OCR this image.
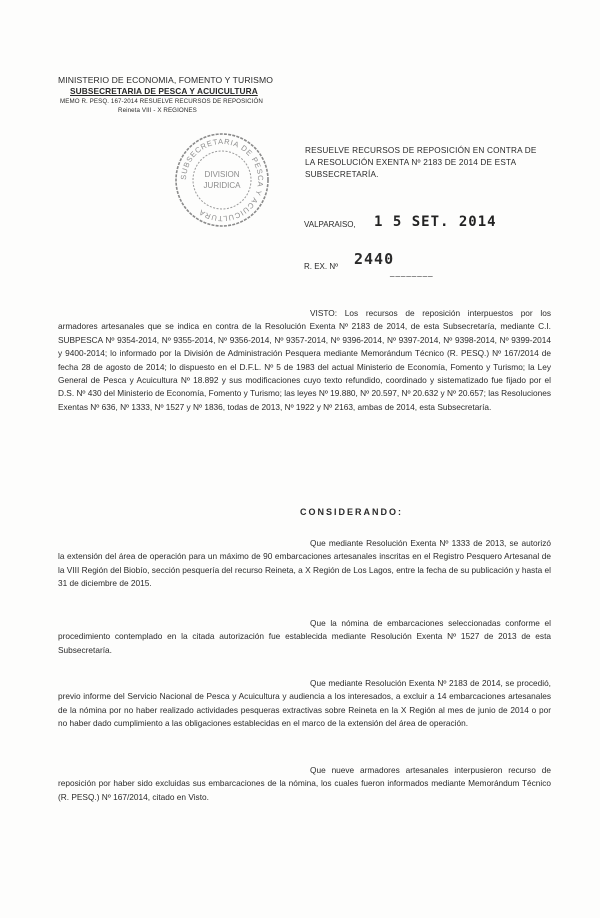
MINISTERIO DE ECONOMIA, FOMENTO Y TURISMO
SUBSECRETARIA DE PESCA Y ACUICULTURA
MEMO R. PESQ. 167-2014 RESUELVE RECURSOS DE REPOSICIÓN
Reineta VIII - X REGIONES
SUBSECRETARIA DE PESCA Y ACUICULTURA
DIVISION
JURIDICA
RESUELVE RECURSOS DE REPOSICIÓN EN CONTRA DE LA RESOLUCIÓN EXENTA Nº 2183 DE 2014 DE ESTA SUBSECRETARÍA.
VALPARAISO, 1 5 SET. 2014
R. EX. Nº 2440
________
VISTO: Los recursos de reposición interpuestos por los armadores artesanales que se indica en contra de la Resolución Exenta Nº 2183 de 2014, de esta Subsecretaría, mediante C.I. SUBPESCA Nº 9354-2014, Nº 9355-2014, Nº 9356-2014, Nº 9357-2014, Nº 9396-2014, Nº 9397-2014, Nº 9398-2014, Nº 9399-2014 y 9400-2014; lo informado por la División de Administración Pesquera mediante Memorándum Técnico (R. PESQ.) Nº 167/2014 de fecha 28 de agosto de 2014; lo dispuesto en el D.F.L. Nº 5 de 1983 del actual Ministerio de Economía, Fomento y Turismo; la Ley General de Pesca y Acuicultura Nº 18.892 y sus modificaciones cuyo texto refundido, coordinado y sistematizado fue fijado por el D.S. Nº 430 del Ministerio de Economía, Fomento y Turismo; las leyes Nº 19.880, Nº 20.597, Nº 20.632 y Nº 20.657; las Resoluciones Exentas Nº 636, Nº 1333, Nº 1527 y Nº 1836, todas de 2013, Nº 1922 y Nº 2163, ambas de 2014, esta Subsecretaría.
CONSIDERANDO:
Que mediante Resolución Exenta Nº 1333 de 2013, se autorizó la extensión del área de operación para un máximo de 90 embarcaciones artesanales inscritas en el Registro Pesquero Artesanal de la VIII Región del Biobío, sección pesquería del recurso Reineta, a X Región de Los Lagos, entre la fecha de su publicación y hasta el 31 de diciembre de 2015.
Que la nómina de embarcaciones seleccionadas conforme el procedimiento contemplado en la citada autorización fue establecida mediante Resolución Exenta Nº 1527 de 2013 de esta Subsecretaría.
Que mediante Resolución Exenta Nº 2183 de 2014, se procedió, previo informe del Servicio Nacional de Pesca y Acuicultura y audiencia a los interesados, a excluir a 14 embarcaciones artesanales de la nómina por no haber realizado actividades pesqueras extractivas sobre Reineta en la X Región al mes de junio de 2014 o por no haber dado cumplimiento a las obligaciones establecidas en el marco de la extensión del área de operación.
Que nueve armadores artesanales interpusieron recurso de reposición por haber sido excluidas sus embarcaciones de la nómina, los cuales fueron informados mediante Memorándum Técnico (R. PESQ.) Nº 167/2014, citado en Visto.
